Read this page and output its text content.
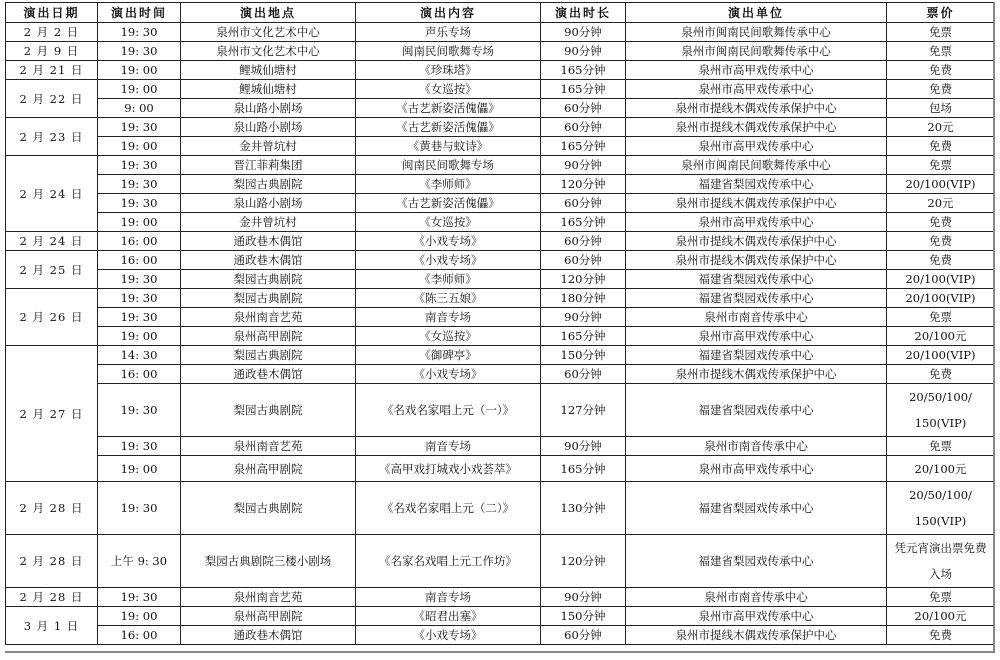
演出日期	演出时间	演出地点	演出内容	演出时长	演出单位	票价
2 月 2 日	19: 30	泉州市文化艺术中心	声乐专场	90分钟	泉州市闽南民间歌舞传承中心	免票
2 月 9 日	19: 30	泉州市文化艺术中心	闽南民间歌舞专场	90分钟	泉州市闽南民间歌舞传承中心	免票
2 月 21 日	19: 00	鲤城仙塘村	《珍珠塔》	165分钟	泉州市高甲戏传承中心	免费
2 月 22 日	19: 00	鲤城仙塘村	《女巡按》	165分钟	泉州市高甲戏传承中心	免费
	9: 00	泉山路小剧场	《古艺新姿活傀儡》	60分钟	泉州市提线木偶戏传承保护中心	包场
2 月 23 日	19: 30	泉山路小剧场	《古艺新姿活傀儡》	60分钟	泉州市提线木偶戏传承保护中心	20元
	19: 00	金井曾坑村	《黄巷与蚊诗》	165分钟	泉州市高甲戏传承中心	免费
2 月 24 日	19: 30	晋江菲莉集团	闽南民间歌舞专场	90分钟	泉州市闽南民间歌舞传承中心	免票
	19: 30	梨园古典剧院	《李师师》	120分钟	福建省梨园戏传承中心	20/100(VIP)
	19: 30	泉山路小剧场	《古艺新姿活傀儡》	60分钟	泉州市提线木偶戏传承保护中心	20元
	19: 00	金井曾坑村	《女巡按》	165分钟	泉州市高甲戏传承中心	免费
2 月 24 日	16: 00	通政巷木偶馆	《小戏专场》	60分钟	泉州市提线木偶戏传承保护中心	免费
2 月 25 日	16: 00	通政巷木偶馆	《小戏专场》	60分钟	泉州市提线木偶戏传承保护中心	免费
	19: 30	梨园古典剧院	《李师师》	120分钟	福建省梨园戏传承中心	20/100(VIP)
2 月 26 日	19: 30	梨园古典剧院	《陈三五娘》	180分钟	福建省梨园戏传承中心	20/100(VIP)
	19: 30	泉州南音艺苑	南音专场	90分钟	泉州市南音传承中心	免票
	19: 00	泉州高甲剧院	《女巡按》	165分钟	泉州市高甲戏传承中心	20/100元
2 月 27 日	14: 30	梨园古典剧院	《御碑亭》	150分钟	福建省梨园戏传承中心	20/100(VIP)
	16: 00	通政巷木偶馆	《小戏专场》	60分钟	泉州市提线木偶戏传承保护中心	免费
	19: 30	梨园古典剧院	《名戏名家唱上元（一）》	127分钟	福建省梨园戏传承中心	20/50/100/ 150(VIP)
	19: 30	泉州南音艺苑	南音专场	90分钟	泉州市南音传承中心	免票
	19: 00	泉州高甲剧院	《高甲戏打城戏小戏荟萃》	165分钟	泉州市高甲戏传承中心	20/100元
2 月 28 日	19: 30	梨园古典剧院	《名戏名家唱上元（二）》	130分钟	福建省梨园戏传承中心	20/50/100/ 150(VIP)
2 月 28 日	上午 9: 30	梨园古典剧院三楼小剧场	《名家名戏唱上元工作坊》	120分钟	福建省梨园戏传承中心	凭元宵演出票免费入场
2 月 28 日	19: 30	泉州南音艺苑	南音专场	90分钟	泉州市南音传承中心	免票
3 月 1 日	19: 00	泉州高甲剧院	《昭君出塞》	150分钟	泉州市高甲戏传承中心	20/100元
	16: 00	通政巷木偶馆	《小戏专场》	60分钟	泉州市提线木偶戏传承保护中心	免费
